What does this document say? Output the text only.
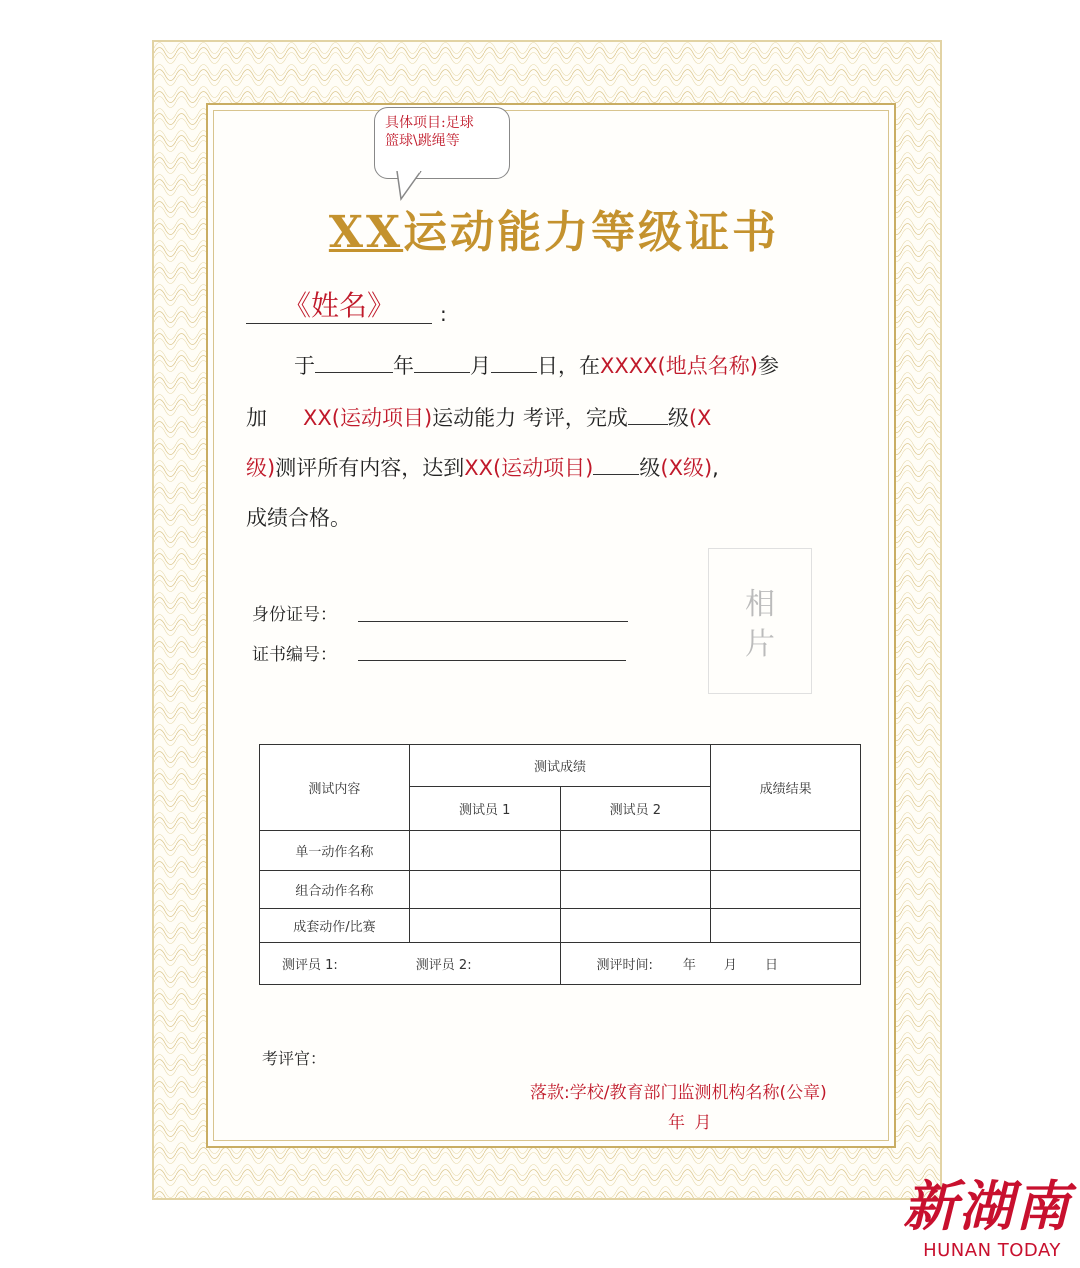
具体项目:足球
篮球\跳绳等
XX运动能力等级证书
《姓名》	:
于	年	月 日，在XXXX(地点名称)参
加 XX(运动项目)运动能力 考评，完成 级(X
级)测评所有内容，达到XX(运动项目) 级(X级),
成绩合格。
身份证号：
证书编号：
相
片
测试内容	测试成绩		成绩结果
	测试员 1	测试员 2	
单一动作名称			
组合动作名称			
成套动作/比赛			
测评员 1: 测评员 2:		测评时间: 年 月 日	
考评官：
落款:学校/教育部门监测机构名称(公章)
年 月
新湖南
HUNAN TODAY
